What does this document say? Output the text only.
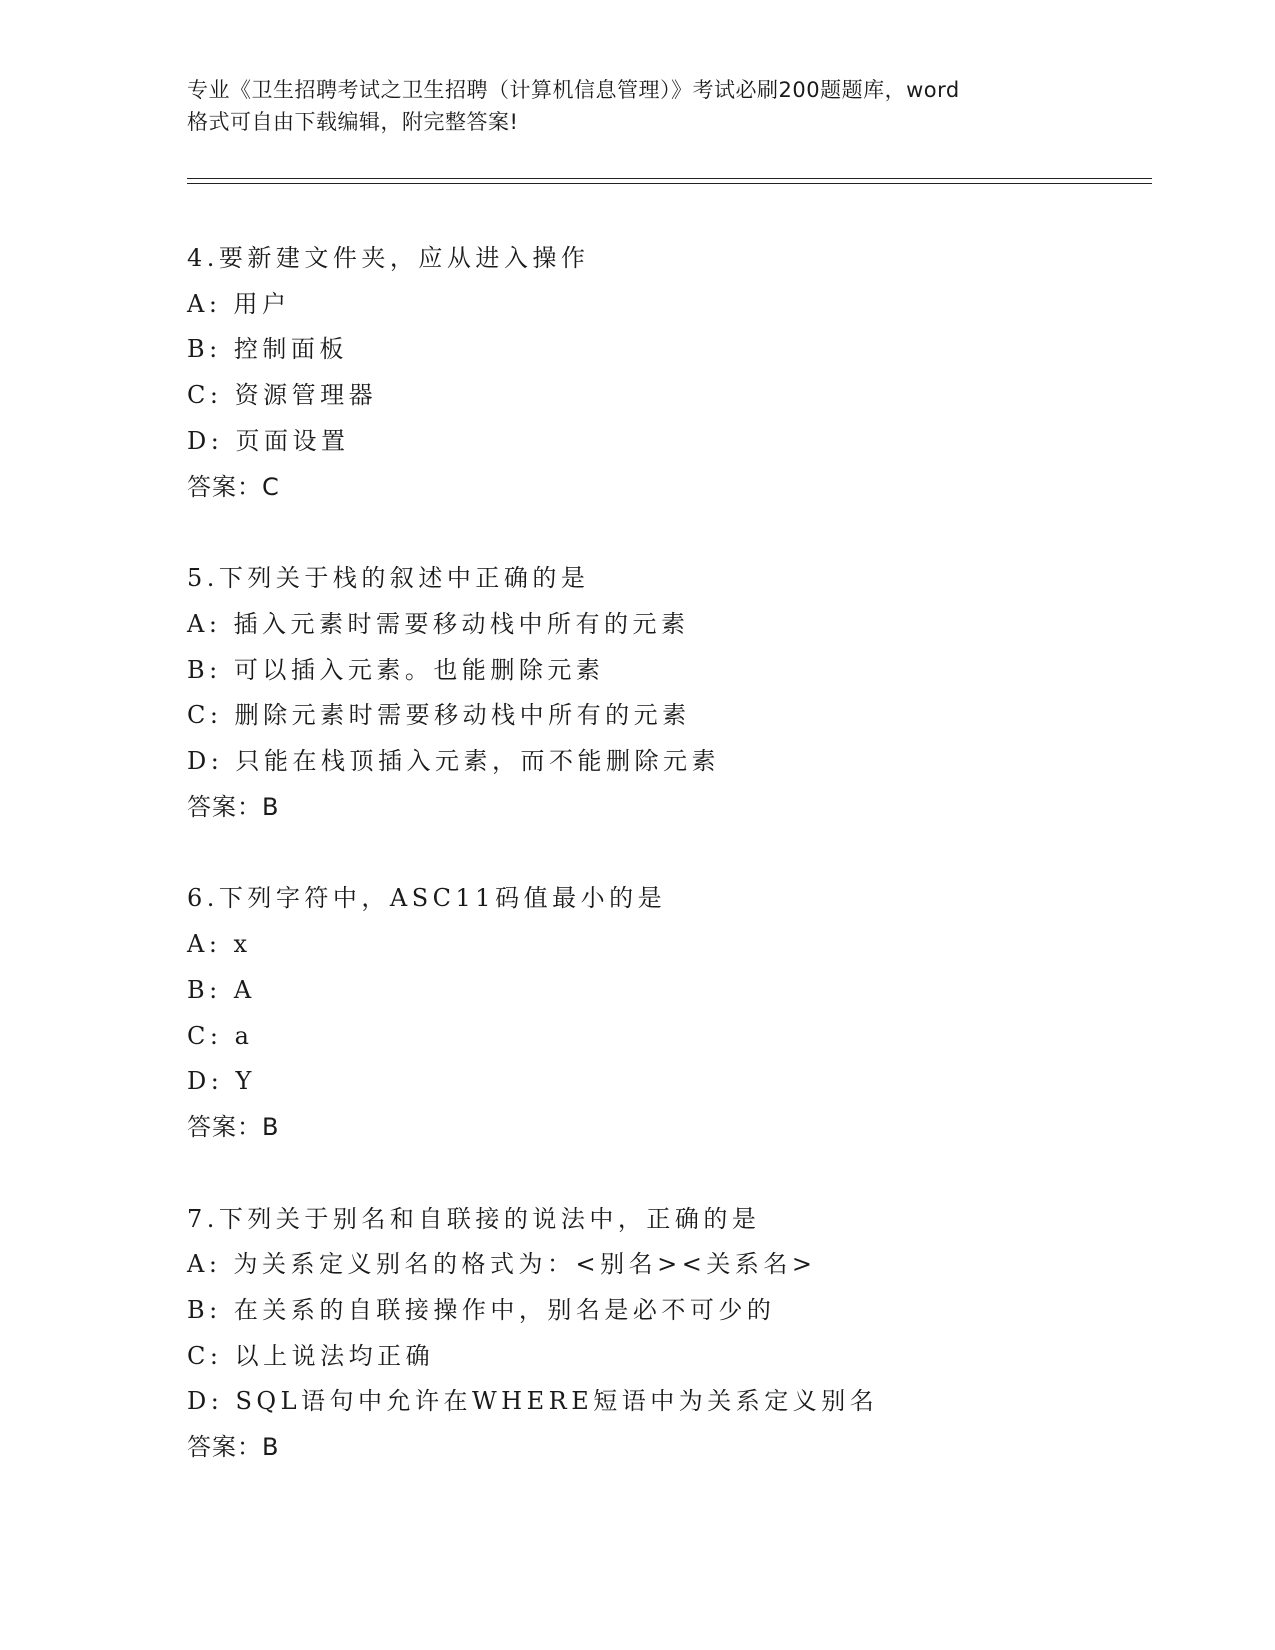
专业《卫生招聘考试之卫生招聘（计算机信息管理）》考试必刷200题题库，word
格式可自由下载编辑，附完整答案!
4.要新建文件夹，应从进入操作
A: 用户
B: 控制面板
C: 资源管理器
D: 页面设置
答案：C
5.下列关于栈的叙述中正确的是
A: 插入元素时需要移动栈中所有的元素
B: 可以插入元素。也能删除元素
C: 删除元素时需要移动栈中所有的元素
D: 只能在栈顶插入元素，而不能删除元素
答案：B
6.下列字符中，ASC11码值最小的是
A: x
B: A
C: a
D: Y
答案：B
7.下列关于别名和自联接的说法中，正确的是
A: 为关系定义别名的格式为：<别名><关系名>
B: 在关系的自联接操作中，别名是必不可少的
C: 以上说法均正确
D: SQL语句中允许在WHERE短语中为关系定义别名
答案：B
